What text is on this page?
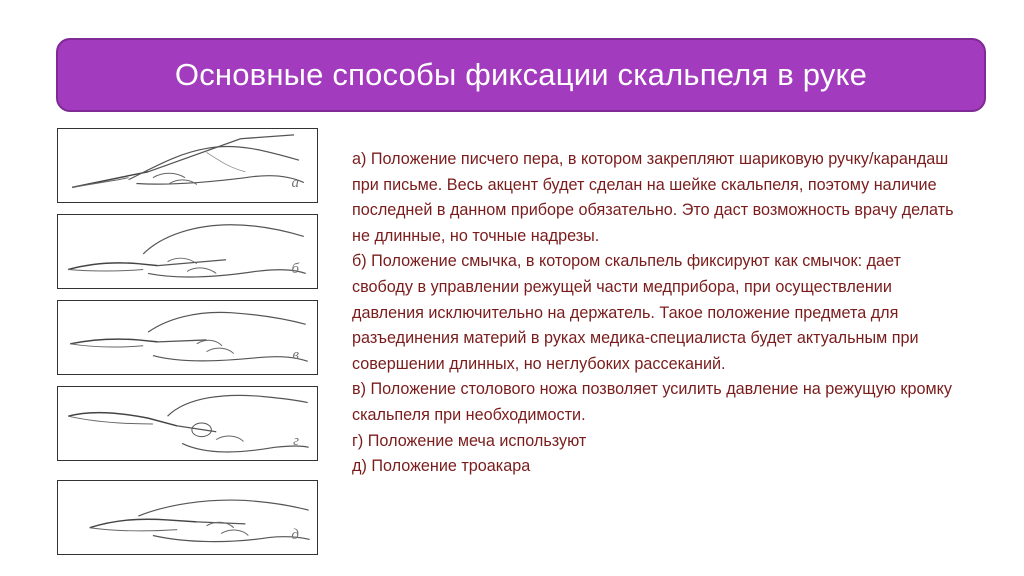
Основные способы фиксации скальпеля в руке
а
б
в
г
д

а) Положение писчего пера, в котором закрепляют шариковую ручку/карандаш при письме. Весь акцент будет сделан на шейке скальпеля, поэтому наличие последней в данном приборе обязательно. Это даст возможность врачу делать не длинные, но точные надрезы.

б) Положение смычка, в котором скальпель фиксируют как смычок: дает свободу в управлении режущей части медприбора, при осуществлении давления исключительно на держатель. Такое положение предмета для разъединения материй в руках медика-специалиста будет актуальным при совершении длинных, но неглубоких рассеканий.

в) Положение столового ножа позволяет усилить давление на режущую кромку скальпеля при необходимости.

г) Положение меча используют

д) Положение троакара
